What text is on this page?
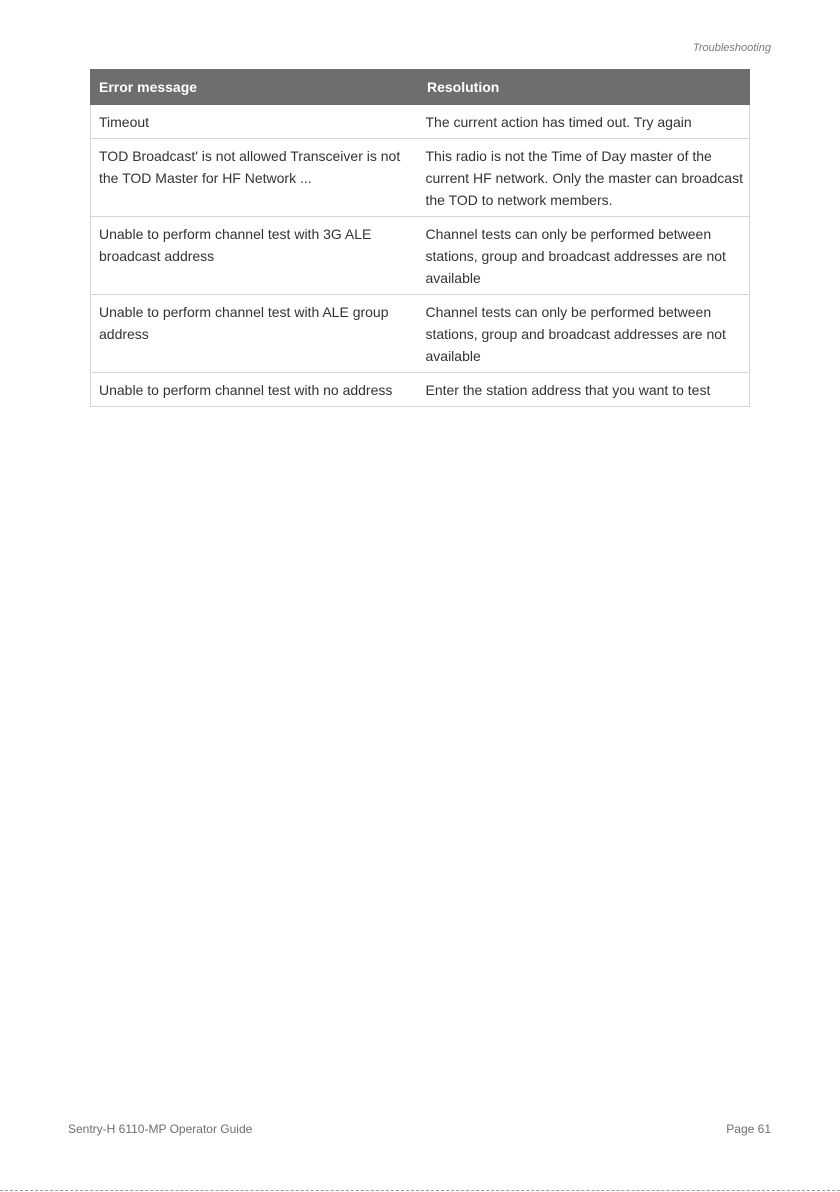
Troubleshooting
Error message	Resolution
Timeout	The current action has timed out. Try again
TOD Broadcast' is not allowed Transceiver is not the TOD Master for HF Network ...	This radio is not the Time of Day master of the current HF network. Only the master can broadcast the TOD to network members.
Unable to perform channel test with 3G ALE broadcast address	Channel tests can only be performed between stations, group and broadcast addresses are not available
Unable to perform channel test with ALE group address	Channel tests can only be performed between stations, group and broadcast addresses are not available
Unable to perform channel test with no address	Enter the station address that you want to test
Sentry-H 6110-MP Operator Guide	Page 61
